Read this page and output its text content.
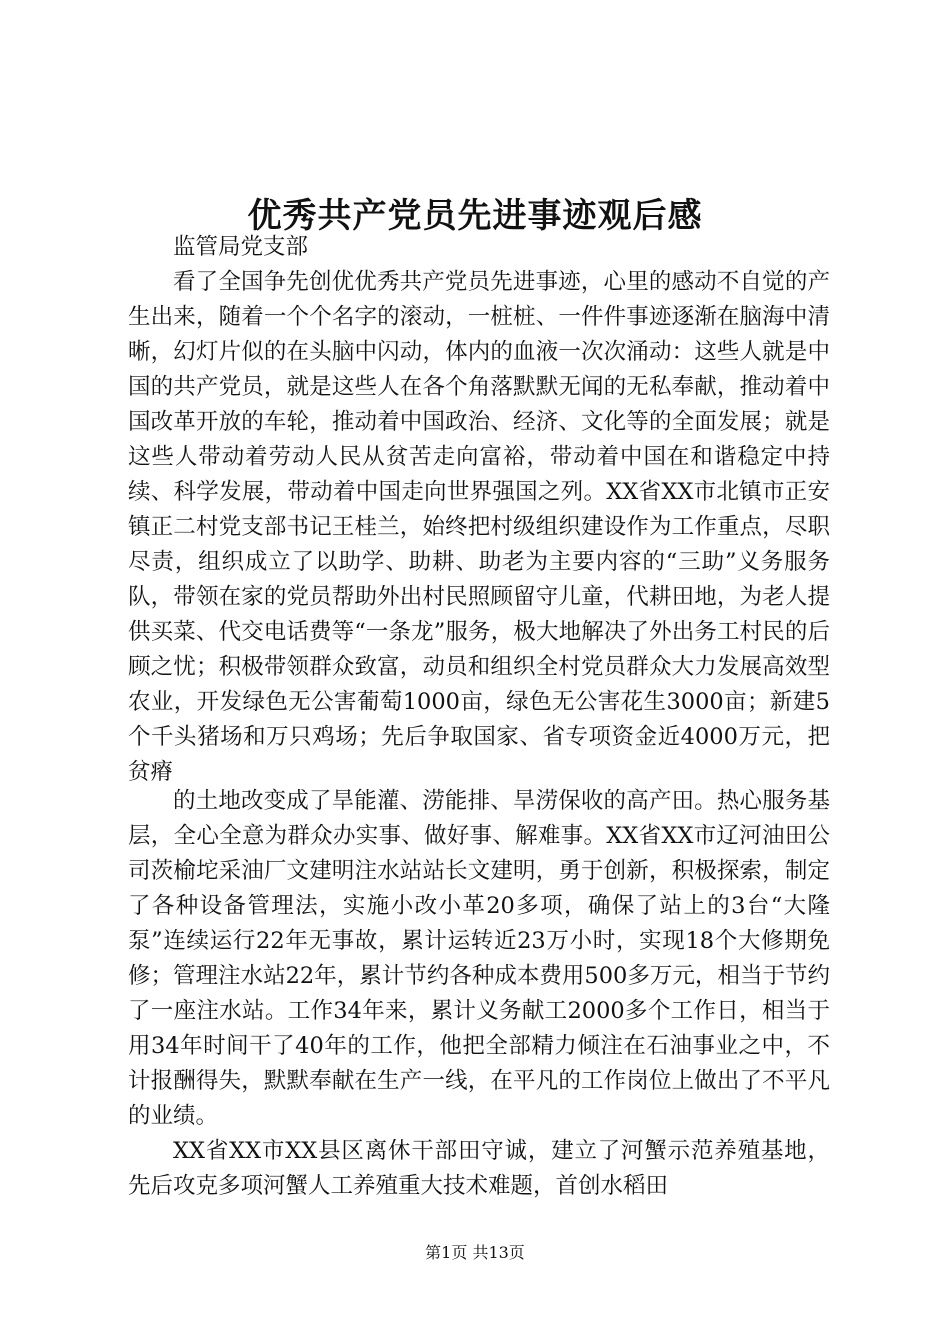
优秀共产党员先进事迹观后感

监管局党支部

看了全国争先创优优秀共产党员先进事迹，心里的感动不自觉的产生出来，随着一个个名字的滚动，一桩桩、一件件事迹逐渐在脑海中清晰，幻灯片似的在头脑中闪动，体内的血液一次次涌动：这些人就是中国的共产党员，就是这些人在各个角落默默无闻的无私奉献，推动着中国改革开放的车轮，推动着中国政治、经济、文化等的全面发展；就是这些人带动着劳动人民从贫苦走向富裕，带动着中国在和谐稳定中持续、科学发展，带动着中国走向世界强国之列。XX省XX市北镇市正安镇正二村党支部书记王桂兰，始终把村级组织建设作为工作重点，尽职尽责，组织成立了以助学、助耕、助老为主要内容的“三助”义务服务队，带领在家的党员帮助外出村民照顾留守儿童，代耕田地，为老人提供买菜、代交电话费等“一条龙”服务，极大地解决了外出务工村民的后顾之忧；积极带领群众致富，动员和组织全村党员群众大力发展高效型农业，开发绿色无公害葡萄1000亩，绿色无公害花生3000亩；新建5个千头猪场和万只鸡场；先后争取国家、省专项资金近4000万元，把贫瘠

的土地改变成了旱能灌、涝能排、旱涝保收的高产田。热心服务基层，全心全意为群众办实事、做好事、解难事。XX省XX市辽河油田公司茨榆坨采油厂文建明注水站站长文建明，勇于创新，积极探索，制定了各种设备管理法，实施小改小革20多项，确保了站上的3台“大隆泵”连续运行22年无事故，累计运转近23万小时，实现18个大修期免修；管理注水站22年，累计节约各种成本费用500多万元，相当于节约了一座注水站。工作34年来，累计义务献工2000多个工作日，相当于用34年时间干了40年的工作，他把全部精力倾注在石油事业之中，不计报酬得失，默默奉献在生产一线，在平凡的工作岗位上做出了不平凡的业绩。

XX省XX市XX县区离休干部田守诚，建立了河蟹示范养殖基地，先后攻克多项河蟹人工养殖重大技术难题，首创水稻田

第1页 共13页
